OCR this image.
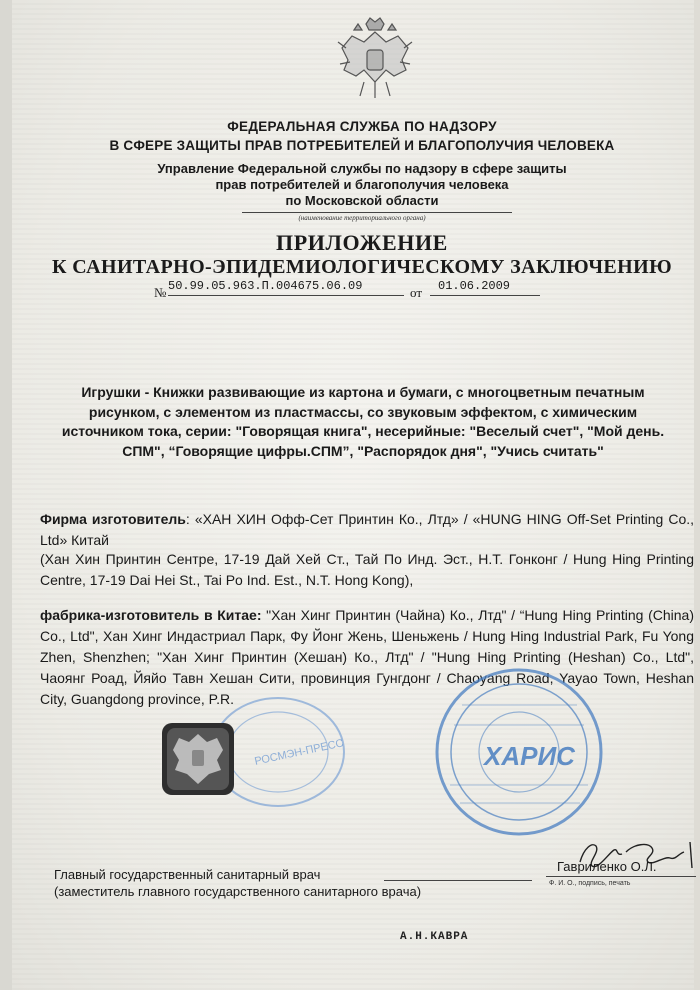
ФЕДЕРАЛЬНАЯ СЛУЖБА ПО НАДЗОРУ
В СФЕРЕ ЗАЩИТЫ ПРАВ ПОТРЕБИТЕЛЕЙ И БЛАГОПОЛУЧИЯ ЧЕЛОВЕКА
Управление Федеральной службы по надзору в сфере защиты
прав потребителей и благополучия человека
по Московской области
(наименование территориального органа)
ПРИЛОЖЕНИЕ
К САНИТАРНО-ЭПИДЕМИОЛОГИЧЕСКОМУ ЗАКЛЮЧЕНИЮ
№ 50.99.05.963.П.004675.06.09	от 01.06.2009
Игрушки - Книжки развивающие из картона и бумаги, с многоцветным печатным рисунком, с элементом из пластмассы, со звуковым эффектом, с химическим источником тока, серии: "Говорящая книга", несерийные: "Веселый счет", "Мой день. СПМ", “Говорящие цифры.СПМ”, "Распорядок дня", "Учись считать"
Фирма изготовитель: «ХАН ХИН Офф-Сет Принтин Ко., Лтд» / «HUNG HING Off-Set Printing Co., Ltd» Китай
(Хан Хин Принтин Сентре, 17-19 Дай Хей Ст., Тай По Инд. Эст., Н.Т. Гонконг / Hung Hing Printing Centre, 17-19 Dai Hei St., Tai Po Ind. Est., N.T. Hong Kong),
фабрика-изготовитель в Китае: "Хан Хинг Принтин (Чайна) Ко., Лтд" / “Hung Hing Printing (China) Co., Ltd", Хан Хинг Индастриал Парк, Фу Йонг Жень, Шеньжень / Hung Hing Industrial Park, Fu Yong Zhen, Shenzhen; "Хан Хинг Принтин (Хешан) Ко., Лтд" / "Hung Hing Printing (Heshan) Co., Ltd", Чаоянг Роад, Йяйо Тавн Хешан Сити, провинция Гунгдонг / Chaoyang Road, Yayao Town, Heshan City, Guangdong province, P.R.
РОСМЭН-ПРЕСС	ХАРИС
Главный государственный санитарный врач
(заместитель главного государственного санитарного врача)
Гавриленко О.Л.
Ф. И. О., подпись, печать
А.Н.КАВРА
